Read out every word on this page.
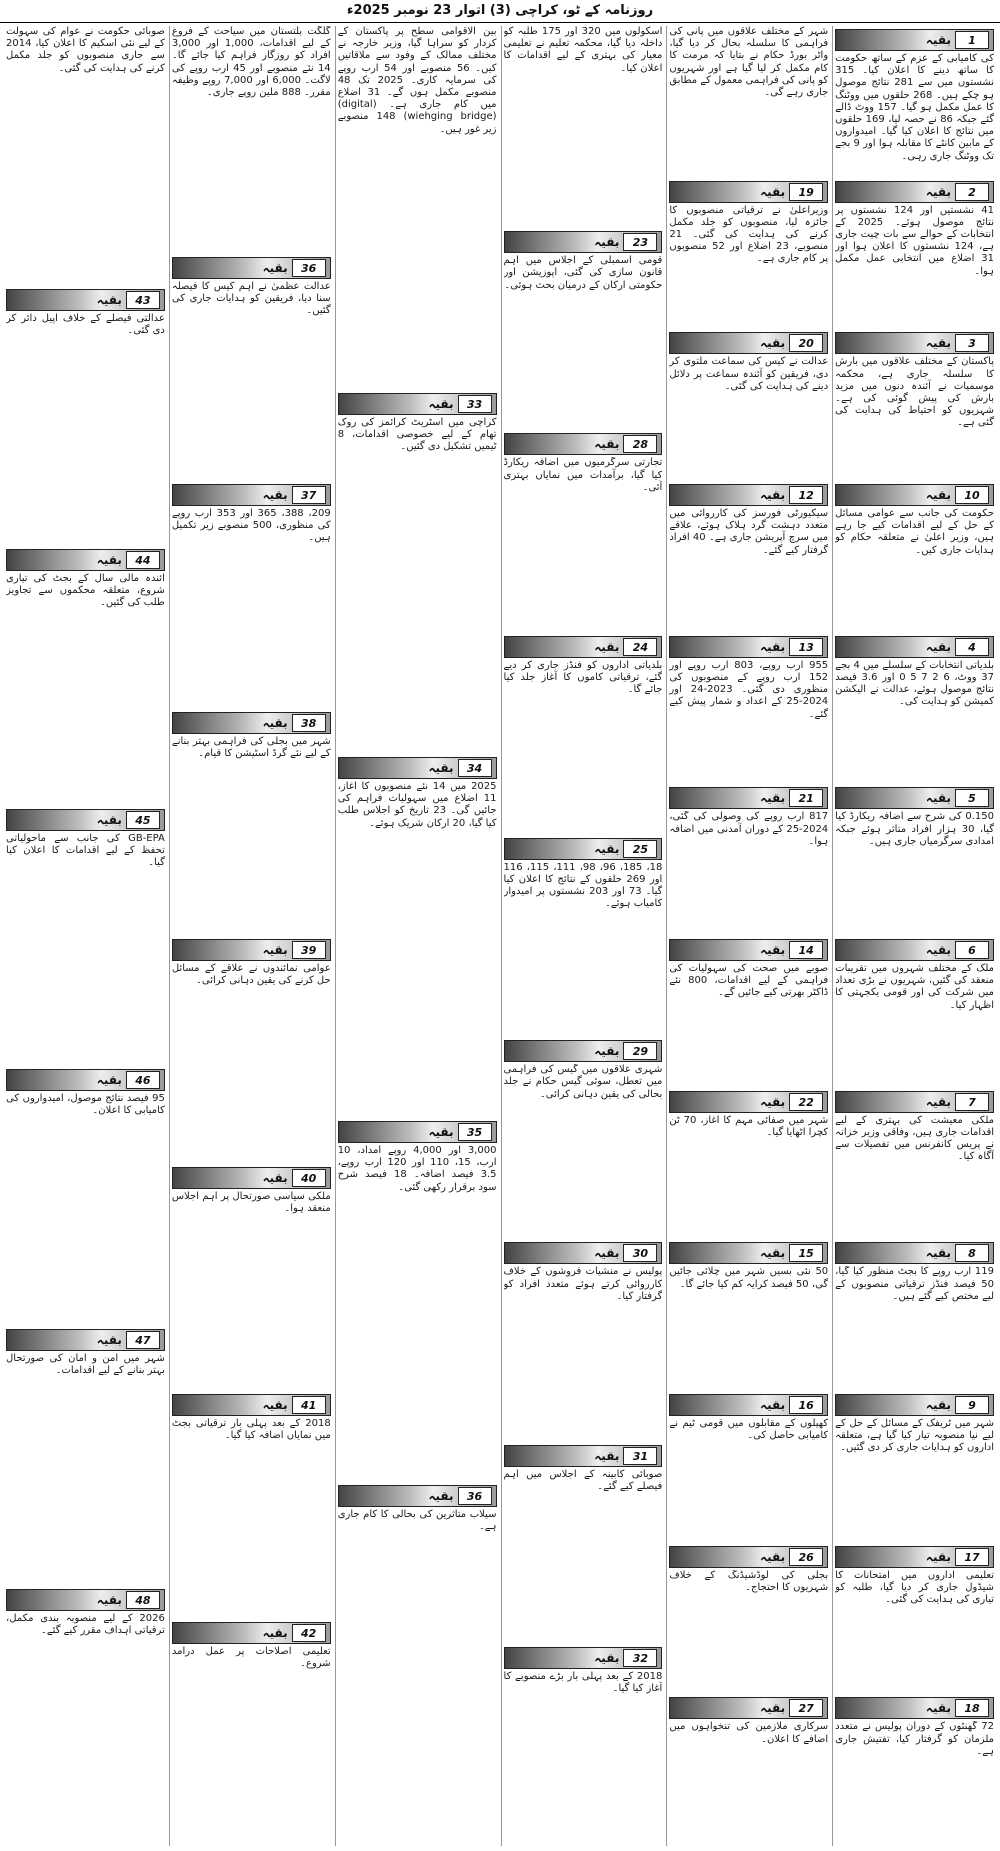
روزنامہ کے ٹو، کراچی (3) اتوار 23 نومبر 2025ء
1
بقیہ
کی کامیابی کے عزم کے ساتھ حکومت کا ساتھ دینے کا اعلان کیا۔ 315 نشستوں میں سے 281 نتائج موصول ہو چکے ہیں۔ 268 حلقوں میں ووٹنگ کا عمل مکمل ہو گیا۔ 157 ووٹ ڈالے گئے جبکہ 86 نے حصہ لیا، 169 حلقوں میں نتائج کا اعلان کیا گیا۔ امیدواروں کے مابین کانٹے کا مقابلہ ہوا اور 9 بجے تک ووٹنگ جاری رہی۔
2
بقیہ
41 نشستیں اور 124 نشستوں پر نتائج موصول ہوئے۔ 2025 کے انتخابات کے حوالے سے بات چیت جاری ہے، 124 نشستوں کا اعلان ہوا اور 31 اضلاع میں انتخابی عمل مکمل ہوا۔
3
بقیہ
پاکستان کے مختلف علاقوں میں بارش کا سلسلہ جاری ہے، محکمہ موسمیات نے آئندہ دنوں میں مزید بارش کی پیش گوئی کی ہے۔ شہریوں کو احتیاط کی ہدایت کی گئی ہے۔
10
بقیہ
حکومت کی جانب سے عوامی مسائل کے حل کے لیے اقدامات کیے جا رہے ہیں، وزیر اعلیٰ نے متعلقہ حکام کو ہدایات جاری کیں۔
4
بقیہ
بلدیاتی انتخابات کے سلسلے میں 4 بجے 37 ووٹ، 6 2 7 5 0 اور 3.6 فیصد نتائج موصول ہوئے، عدالت نے الیکشن کمیشن کو ہدایت کی۔
5
بقیہ
0.150 کی شرح سے اضافہ ریکارڈ کیا گیا، 30 ہزار افراد متاثر ہوئے جبکہ امدادی سرگرمیاں جاری ہیں۔
6
بقیہ
ملک کے مختلف شہروں میں تقریبات منعقد کی گئیں، شہریوں نے بڑی تعداد میں شرکت کی اور قومی یکجہتی کا اظہار کیا۔
7
بقیہ
ملکی معیشت کی بہتری کے لیے اقدامات جاری ہیں، وفاقی وزیر خزانہ نے پریس کانفرنس میں تفصیلات سے آگاہ کیا۔
8
بقیہ
119 ارب روپے کا بجٹ منظور کیا گیا، 50 فیصد فنڈز ترقیاتی منصوبوں کے لیے مختص کیے گئے ہیں۔
9
بقیہ
شہر میں ٹریفک کے مسائل کے حل کے لیے نیا منصوبہ تیار کیا گیا ہے، متعلقہ اداروں کو ہدایات جاری کر دی گئیں۔
17
بقیہ
تعلیمی اداروں میں امتحانات کا شیڈول جاری کر دیا گیا، طلبہ کو تیاری کی ہدایت کی گئی۔
18
بقیہ
72 گھنٹوں کے دوران پولیس نے متعدد ملزمان کو گرفتار کیا، تفتیش جاری ہے۔
شہر کے مختلف علاقوں میں پانی کی فراہمی کا سلسلہ بحال کر دیا گیا، واٹر بورڈ حکام نے بتایا کہ مرمت کا کام مکمل کر لیا گیا ہے اور شہریوں کو پانی کی فراہمی معمول کے مطابق جاری رہے گی۔
19
بقیہ
وزیراعلیٰ نے ترقیاتی منصوبوں کا جائزہ لیا، منصوبوں کو جلد مکمل کرنے کی ہدایت کی گئی۔ 21 منصوبے، 23 اضلاع اور 52 منصوبوں پر کام جاری ہے۔
20
بقیہ
عدالت نے کیس کی سماعت ملتوی کر دی، فریقین کو آئندہ سماعت پر دلائل دینے کی ہدایت کی گئی۔
12
بقیہ
سیکیورٹی فورسز کی کارروائی میں متعدد دہشت گرد ہلاک ہوئے، علاقے میں سرچ آپریشن جاری ہے۔ 40 افراد گرفتار کیے گئے۔
13
بقیہ
955 ارب روپے، 803 ارب روپے اور 152 ارب روپے کے منصوبوں کی منظوری دی گئی۔ 2023-24 اور 2024-25 کے اعداد و شمار پیش کیے گئے۔
21
بقیہ
817 ارب روپے کی وصولی کی گئی، 2024-25 کے دوران آمدنی میں اضافہ ہوا۔
14
بقیہ
صوبے میں صحت کی سہولیات کی فراہمی کے لیے اقدامات، 800 نئے ڈاکٹر بھرتی کیے جائیں گے۔
22
بقیہ
شہر میں صفائی مہم کا آغاز، 70 ٹن کچرا اٹھایا گیا۔
15
بقیہ
50 نئی بسیں شہر میں چلائی جائیں گی، 50 فیصد کرایہ کم کیا جائے گا۔
16
بقیہ
کھیلوں کے مقابلوں میں قومی ٹیم نے کامیابی حاصل کی۔
26
بقیہ
بجلی کی لوڈشیڈنگ کے خلاف شہریوں کا احتجاج۔
27
بقیہ
سرکاری ملازمین کی تنخواہوں میں اضافے کا اعلان۔
اسکولوں میں 320 اور 175 طلبہ کو داخلہ دیا گیا، محکمہ تعلیم نے تعلیمی معیار کی بہتری کے لیے اقدامات کا اعلان کیا۔
23
بقیہ
قومی اسمبلی کے اجلاس میں اہم قانون سازی کی گئی، اپوزیشن اور حکومتی ارکان کے درمیان بحث ہوئی۔
28
بقیہ
تجارتی سرگرمیوں میں اضافہ ریکارڈ کیا گیا، برآمدات میں نمایاں بہتری آئی۔
24
بقیہ
بلدیاتی اداروں کو فنڈز جاری کر دیے گئے، ترقیاتی کاموں کا آغاز جلد کیا جائے گا۔
25
بقیہ
18، 185، 96، 98، 111، 115، 116 اور 269 حلقوں کے نتائج کا اعلان کیا گیا۔ 73 اور 203 نشستوں پر امیدوار کامیاب ہوئے۔
29
بقیہ
شہری علاقوں میں گیس کی فراہمی میں تعطل، سوئی گیس حکام نے جلد بحالی کی یقین دہانی کرائی۔
30
بقیہ
پولیس نے منشیات فروشوں کے خلاف کارروائی کرتے ہوئے متعدد افراد کو گرفتار کیا۔
31
بقیہ
صوبائی کابینہ کے اجلاس میں اہم فیصلے کیے گئے۔
32
بقیہ
2018 کے بعد پہلی بار بڑے منصوبے کا آغاز کیا گیا۔
بین الاقوامی سطح پر پاکستان کے کردار کو سراہا گیا، وزیر خارجہ نے مختلف ممالک کے وفود سے ملاقاتیں کیں۔ 56 منصوبے اور 54 ارب روپے کی سرمایہ کاری۔ 2025 تک 48 منصوبے مکمل ہوں گے۔ 31 اضلاع میں کام جاری ہے۔ (digital) (wiehging bridge) 148 منصوبے زیر غور ہیں۔
33
بقیہ
کراچی میں اسٹریٹ کرائمز کی روک تھام کے لیے خصوصی اقدامات، 8 ٹیمیں تشکیل دی گئیں۔
34
بقیہ
2025 میں 14 نئے منصوبوں کا آغاز، 11 اضلاع میں سہولیات فراہم کی جائیں گی۔ 23 تاریخ کو اجلاس طلب کیا گیا، 20 ارکان شریک ہوئے۔
35
بقیہ
3,000 اور 4,000 روپے امداد، 10 ارب، 15، 110 اور 120 ارب روپے، 3.5 فیصد اضافہ۔ 18 فیصد شرح سود برقرار رکھی گئی۔
36
بقیہ
سیلاب متاثرین کی بحالی کا کام جاری ہے۔
گلگت بلتستان میں سیاحت کے فروغ کے لیے اقدامات، 1,000 اور 3,000 افراد کو روزگار فراہم کیا جائے گا۔ 14 نئے منصوبے اور 45 ارب روپے کی لاگت۔ 6,000 اور 7,000 روپے وظیفہ مقرر۔ 888 ملین روپے جاری۔
36
بقیہ
عدالت عظمیٰ نے اہم کیس کا فیصلہ سنا دیا، فریقین کو ہدایات جاری کی گئیں۔
37
بقیہ
209، 388، 365 اور 353 ارب روپے کی منظوری، 500 منصوبے زیر تکمیل ہیں۔
38
بقیہ
شہر میں بجلی کی فراہمی بہتر بنانے کے لیے نئے گرڈ اسٹیشن کا قیام۔
39
بقیہ
عوامی نمائندوں نے علاقے کے مسائل حل کرنے کی یقین دہانی کرائی۔
40
بقیہ
ملکی سیاسی صورتحال پر اہم اجلاس منعقد ہوا۔
41
بقیہ
2018 کے بعد پہلی بار ترقیاتی بجٹ میں نمایاں اضافہ کیا گیا۔
42
بقیہ
تعلیمی اصلاحات پر عمل درآمد شروع۔
صوبائی حکومت نے عوام کی سہولت کے لیے نئی اسکیم کا اعلان کیا، 2014 سے جاری منصوبوں کو جلد مکمل کرنے کی ہدایت کی گئی۔
43
بقیہ
عدالتی فیصلے کے خلاف اپیل دائر کر دی گئی۔
44
بقیہ
آئندہ مالی سال کے بجٹ کی تیاری شروع، متعلقہ محکموں سے تجاویز طلب کی گئیں۔
45
بقیہ
GB-EPA کی جانب سے ماحولیاتی تحفظ کے لیے اقدامات کا اعلان کیا گیا۔
46
بقیہ
95 فیصد نتائج موصول، امیدواروں کی کامیابی کا اعلان۔
47
بقیہ
شہر میں امن و امان کی صورتحال بہتر بنانے کے لیے اقدامات۔
48
بقیہ
2026 کے لیے منصوبہ بندی مکمل، ترقیاتی اہداف مقرر کیے گئے۔
